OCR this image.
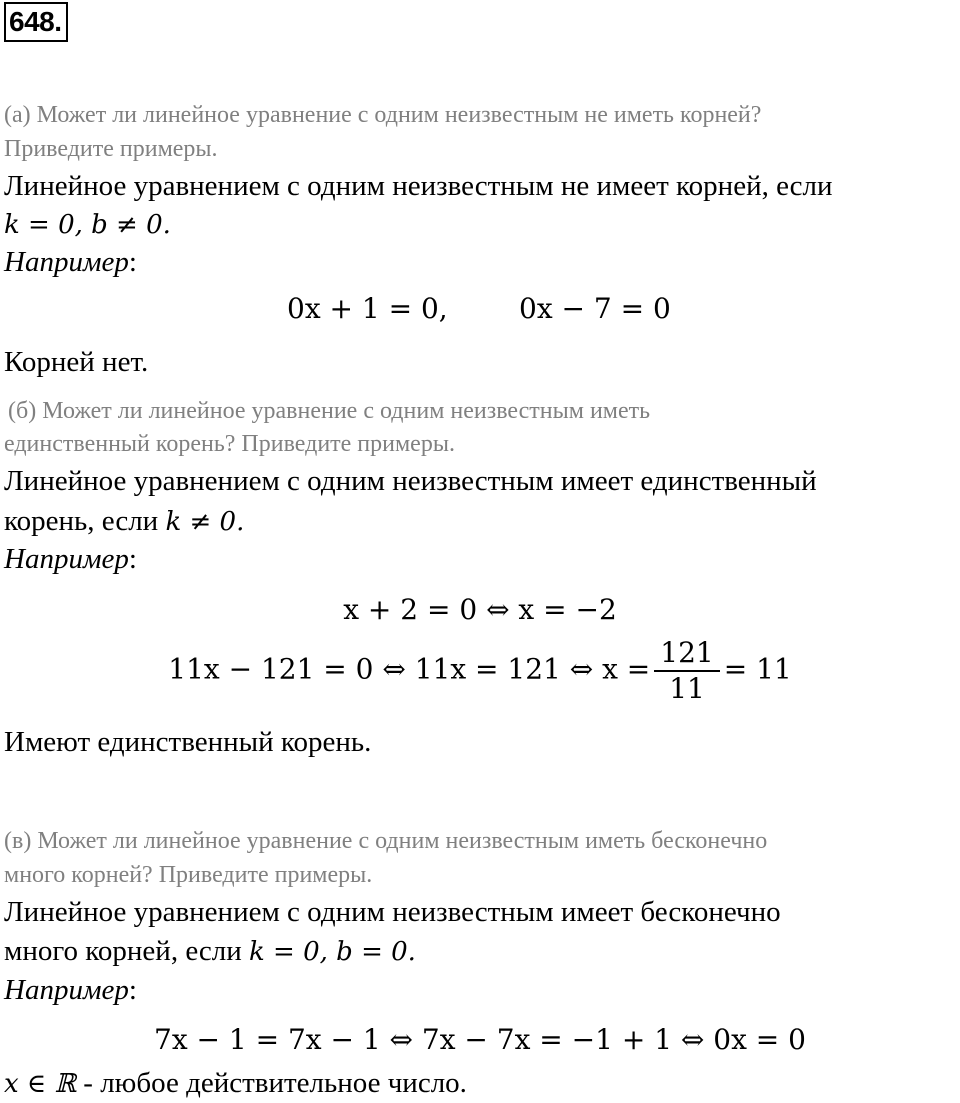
648.
(а) Может ли линейное уравнение с одним неизвестным не иметь корней?
Приведите примеры.
Линейное уравнением с одним неизвестным не имеет корней, если
k = 0, b ≠ 0.
Например:
0x + 1 = 0,	0x − 7 = 0
Корней нет.
(б) Может ли линейное уравнение с одним неизвестным иметь
единственный корень? Приведите примеры.
Линейное уравнением с одним неизвестным имеет единственный
корень, если k ≠ 0.
Например:
x + 2 = 0 ⇔ x = −2
11x − 121 = 0 ⇔ 11x = 121 ⇔ $x = \frac{121}{11} = 11$
Имеют единственный корень.
(в) Может ли линейное уравнение с одним неизвестным иметь бесконечно
много корней? Приведите примеры.
Линейное уравнением с одним неизвестным имеет бесконечно
много корней, если k = 0, b = 0.
Например:
7x − 1 = 7x − 1 ⇔ 7x − 7x = −1 + 1 ⇔ 0x = 0
x ∈ ℝ - любое действительное число.
